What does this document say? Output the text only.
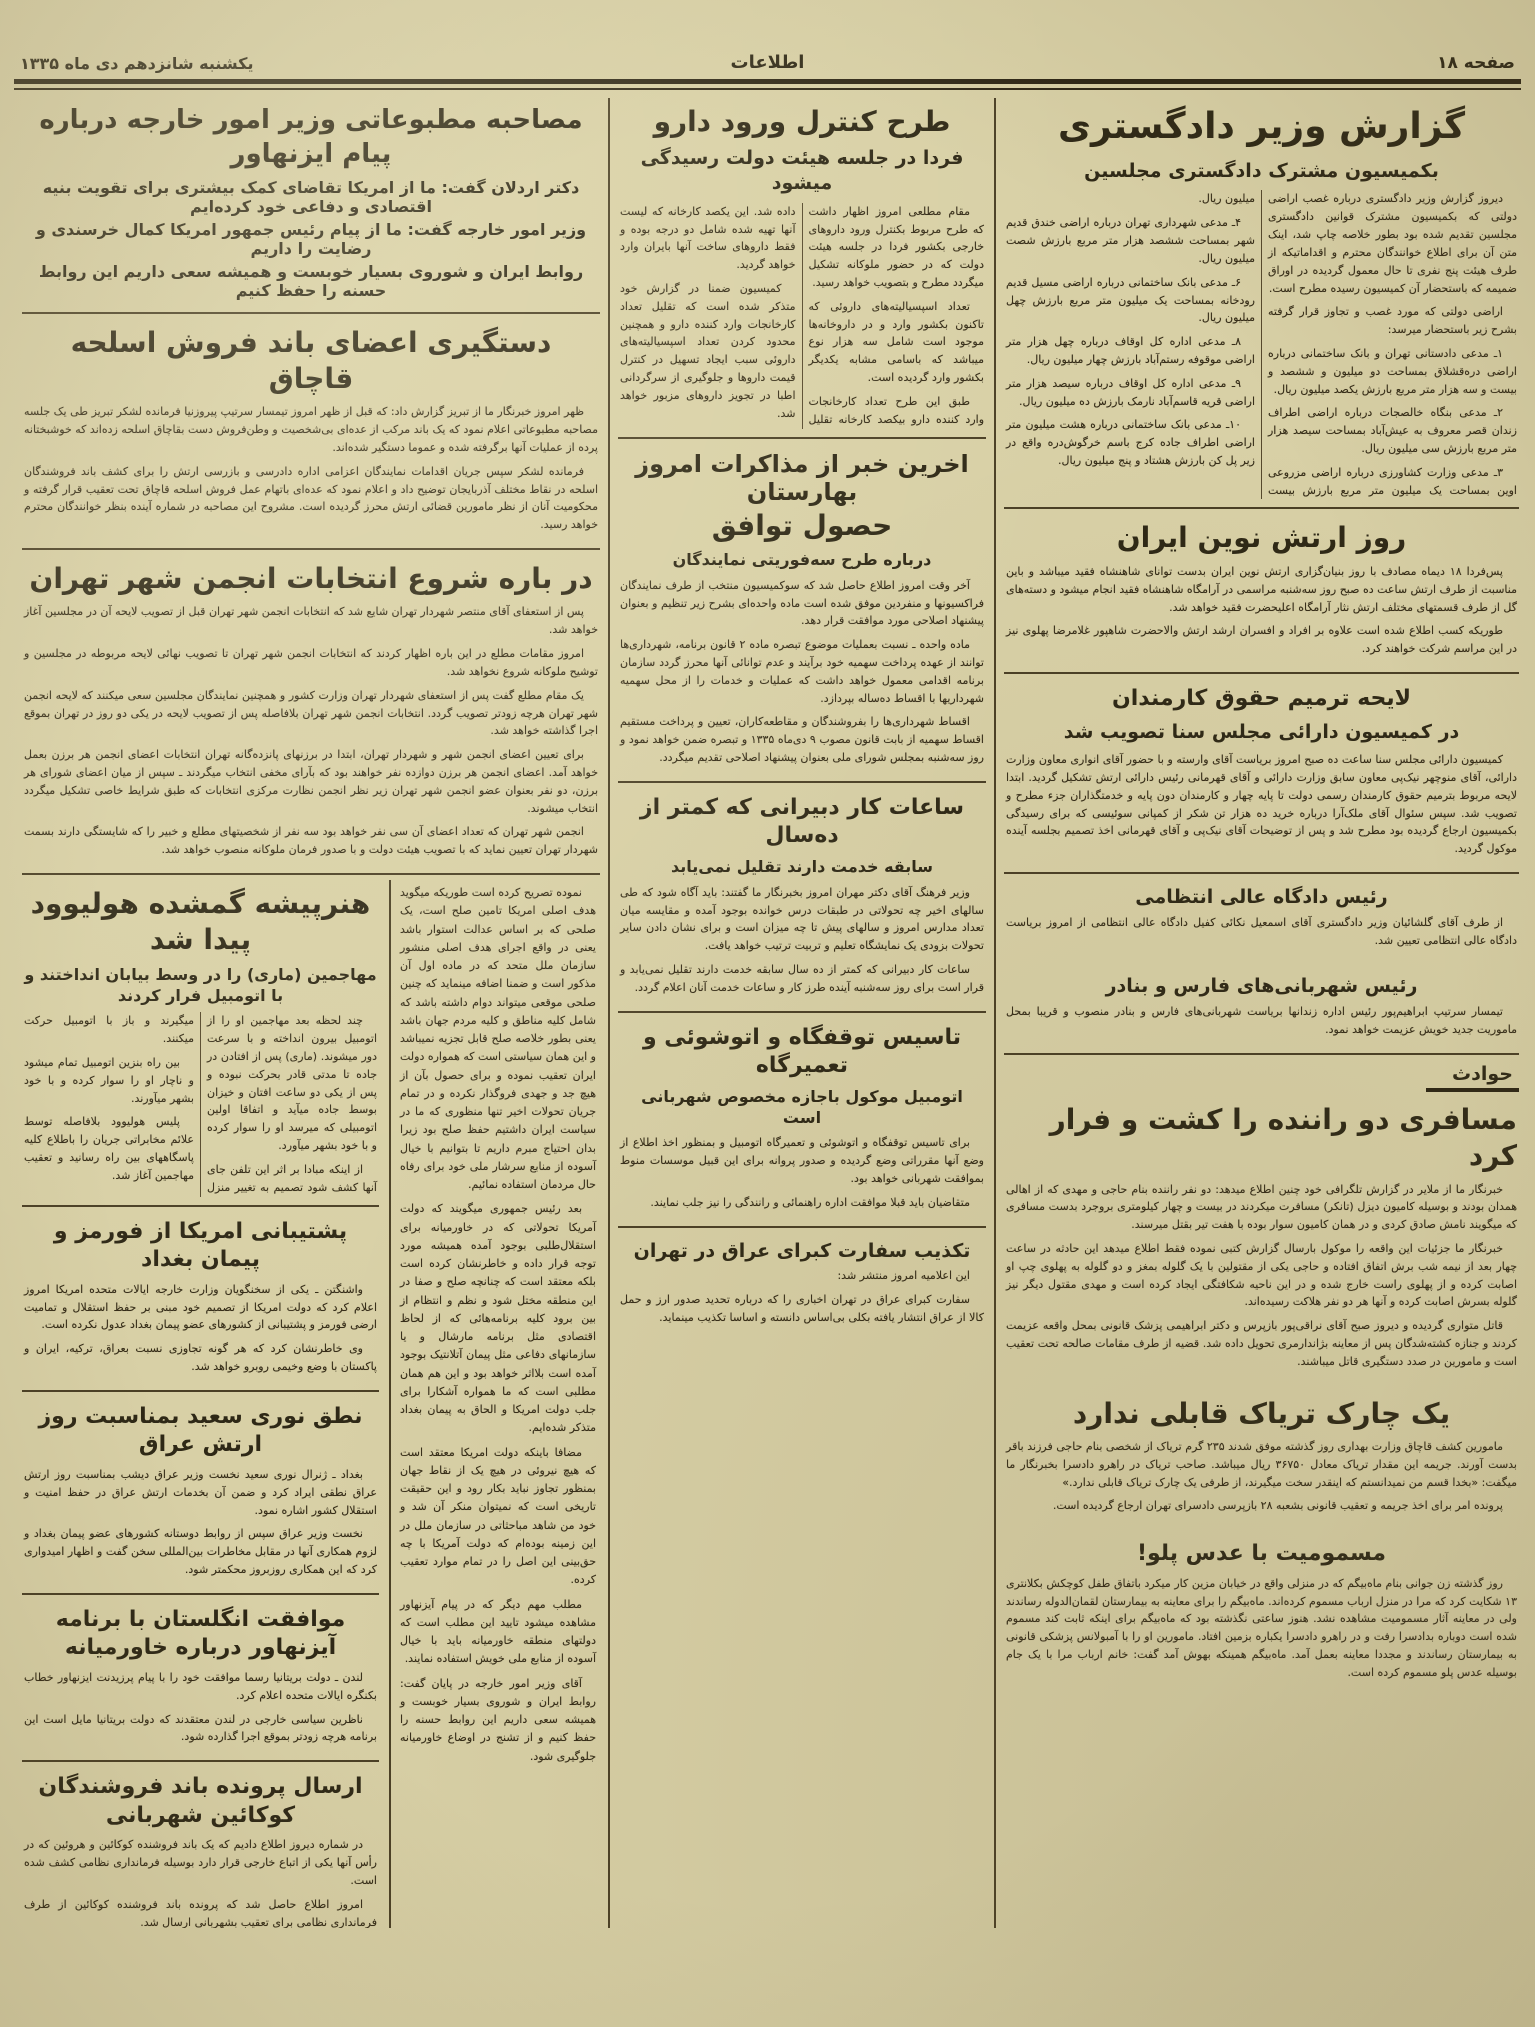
صفحه ۱۸
اطلاعات
یکشنبه شانزدهم دی ماه ۱۳۳۵
گزارش وزیر دادگستری
بکمیسیون مشترک دادگستری مجلسین

دیروز گزارش وزیر دادگستری درباره غصب اراضی دولتی که بکمیسیون مشترک قوانین دادگستری مجلسین تقدیم شده بود بطور خلاصه چاپ شد، اینک متن آن برای اطلاع خوانندگان محترم و اقداماتیکه از طرف هیئت پنج نفری تا حال معمول گردیده در اوراق ضمیمه که باستحضار آن کمیسیون رسیده مطرح است.

اراضی دولتی که مورد غصب و تجاوز قرار گرفته بشرح زیر باستحضار میرسد:

۱ـ مدعی دادستانی تهران و بانک ساختمانی درباره اراضی دره‌قشلاق بمساحت دو میلیون و ششصد و بیست و سه هزار متر مربع بارزش یکصد میلیون ریال.

۲ـ مدعی بنگاه خالصجات درباره اراضی اطراف زندان قصر معروف به عیش‌آباد بمساحت سیصد هزار متر مربع بارزش سی میلیون ریال.

۳ـ مدعی وزارت کشاورزی درباره اراضی مزروعی اوین بمساحت یک میلیون متر مربع بارزش بیست میلیون ریال.

۴ـ مدعی شهرداری تهران درباره اراضی خندق قدیم شهر بمساحت ششصد هزار متر مربع بارزش شصت میلیون ریال.

۶ـ مدعی بانک ساختمانی درباره اراضی مسیل قدیم رودخانه بمساحت یک میلیون متر مربع بارزش چهل میلیون ریال.

۸ـ مدعی اداره کل اوقاف درباره چهل هزار متر اراضی موقوفه رستم‌آباد بارزش چهار میلیون ریال.

۹ـ مدعی اداره کل اوقاف درباره سیصد هزار متر اراضی قریه قاسم‌آباد نارمک بارزش ده میلیون ریال.

۱۰ـ مدعی بانک ساختمانی درباره هشت میلیون متر اراضی اطراف جاده کرج باسم خرگوش‌دره واقع در زیر پل کن بارزش هشتاد و پنج میلیون ریال.

روز ارتش نوین ایران

پس‌فردا ۱۸ دیماه مصادف با روز بنیان‌گزاری ارتش نوین ایران بدست توانای شاهنشاه فقید میباشد و باین مناسبت از طرف ارتش ساعت ده صبح روز سه‌شنبه مراسمی در آرامگاه شاهنشاه فقید انجام میشود و دسته‌های گل از طرف قسمتهای مختلف ارتش نثار آرامگاه اعلیحضرت فقید خواهد شد.

طوریکه کسب اطلاع شده است علاوه بر افراد و افسران ارشد ارتش والاحضرت شاهپور غلامرضا پهلوی نیز در این مراسم شرکت خواهند کرد.

لایحه ترمیم حقوق کارمندان
در کمیسیون دارائی مجلس سنا تصویب شد

کمیسیون دارائی مجلس سنا ساعت ده صبح امروز بریاست آقای وارسته و با حضور آقای انواری معاون وزارت دارائی، آقای منوچهر نیک‌پی معاون سابق وزارت دارائی و آقای قهرمانی رئیس دارائی ارتش تشکیل گردید. ابتدا لایحه مربوط بترمیم حقوق کارمندان رسمی دولت تا پایه چهار و کارمندان دون پایه و خدمتگذاران جزء مطرح و تصویب شد. سپس سئوال آقای ملک‌آرا درباره خرید ده هزار تن شکر از کمپانی سوئیسی که برای رسیدگی بکمیسیون ارجاع گردیده بود مطرح شد و پس از توضیحات آقای نیک‌پی و آقای قهرمانی اخذ تصمیم بجلسه آینده موکول گردید.

رئیس دادگاه عالی انتظامی

از طرف آقای گلشائیان وزیر دادگستری آقای اسمعیل نکائی کفیل دادگاه عالی انتظامی از امروز بریاست دادگاه عالی انتظامی تعیین شد.

رئیس شهربانی‌های فارس و بنادر

تیمسار سرتیپ ابراهیم‌پور رئیس اداره زندانها بریاست شهربانی‌های فارس و بنادر منصوب و قریبا بمحل ماموریت جدید خویش عزیمت خواهد نمود.

حوادث
مسافری دو راننده را کشت و فرار کرد

خبرنگار ما از ملایر در گزارش تلگرافی خود چنین اطلاع میدهد: دو نفر راننده بنام حاجی و مهدی که از اهالی همدان بودند و بوسیله کامیون دیزل (تانکر) مسافرت میکردند در بیست و چهار کیلومتری بروجرد بدست مسافری که میگویند نامش صادق کردی و در همان کامیون سوار بوده با هفت تیر بقتل میرسند.

خبرنگار ما جزئیات این واقعه را موکول بارسال گزارش کتبی نموده فقط اطلاع میدهد این حادثه در ساعت چهار بعد از نیمه شب برش اتفاق افتاده و حاجی یکی از مقتولین با یک گلوله بمغز و دو گلوله به پهلوی چپ او اصابت کرده و از پهلوی راست خارج شده و در این ناحیه شکافتگی ایجاد کرده است و مهدی مقتول دیگر نیز گلوله بسرش اصابت کرده و آنها هر دو نفر هلاکت رسیده‌اند.

قاتل متواری گردیده و دیروز صبح آقای نراقی‌پور بازپرس و دکتر ابراهیمی پزشک قانونی بمحل واقعه عزیمت کردند و جنازه کشته‌شدگان پس از معاینه بژاندارمری تحویل داده شد. قضیه از طرف مقامات صالحه تحت تعقیب است و مامورین در صدد دستگیری قاتل میباشند.

یک چارک تریاک قابلی ندارد

مامورین کشف قاچاق وزارت بهداری روز گذشته موفق شدند ۲۳۵ گرم تریاک از شخصی بنام حاجی فرزند باقر بدست آورند. جریمه این مقدار تریاک معادل ۳۶۷۵۰ ریال میباشد. صاحب تریاک در راهرو دادسرا بخبرنگار ما میگفت: «بخدا قسم من نمیدانستم که اینقدر سخت میگیرند، از طرفی یک چارک تریاک قابلی ندارد.»

پرونده امر برای اخذ جریمه و تعقیب قانونی بشعبه ۲۸ بازپرسی دادسرای تهران ارجاع گردیده است.

مسمومیت با عدس پلو!

روز گذشته زن جوانی بنام ماه‌بیگم که در منزلی واقع در خیابان مزین کار میکرد باتفاق طفل کوچکش بکلانتری ۱۳ شکایت کرد که مرا در منزل ارباب مسموم کرده‌اند. ماه‌بیگم را برای معاینه به بیمارستان لقمان‌الدوله رساندند ولی در معاینه آثار مسمومیت مشاهده نشد. هنوز ساعتی نگذشته بود که ماه‌بیگم برای اینکه ثابت کند مسموم شده است دوباره بدادسرا رفت و در راهرو دادسرا یکباره بزمین افتاد. مامورین او را با آمبولانس پزشکی قانونی به بیمارستان رساندند و مجددا معاینه بعمل آمد. ماه‌بیگم همینکه بهوش آمد گفت: خانم ارباب مرا با یک جام بوسیله عدس پلو مسموم کرده است.

طرح کنترل ورود دارو
فردا در جلسه هیئت دولت رسیدگی میشود

مقام مطلعی امروز اظهار داشت که طرح مربوط بکنترل ورود داروهای خارجی بکشور فردا در جلسه هیئت دولت که در حضور ملوکانه تشکیل میگردد مطرح و بتصویب خواهد رسید.

تعداد اسپسیالیته‌های داروئی که تاکنون بکشور وارد و در داروخانه‌ها موجود است شامل سه هزار نوع میباشد که باسامی مشابه یکدیگر بکشور وارد گردیده است.

طبق این طرح تعداد کارخانجات وارد کننده دارو بیکصد کارخانه تقلیل داده شد. این یکصد کارخانه که لیست آنها تهیه شده شامل دو درجه بوده و فقط داروهای ساخت آنها بایران وارد خواهد گردید.

کمیسیون ضمنا در گزارش خود متذکر شده است که تقلیل تعداد کارخانجات وارد کننده دارو و همچنین محدود کردن تعداد اسپسیالیته‌های داروئی سبب ایجاد تسهیل در کنترل قیمت داروها و جلوگیری از سرگردانی اطبا در تجویز داروهای مزبور خواهد شد.

اخرین خبر از مذاکرات امروز بهارستان
حصول توافق
درباره طرح سه‌فوریتی نمایندگان

آخر وقت امروز اطلاع حاصل شد که سوکمیسیون منتخب از طرف نمایندگان فراکسیونها و منفردین موفق شده است ماده واحده‌ای بشرح زیر تنظیم و بعنوان پیشنهاد اصلاحی مورد موافقت قرار دهد.

ماده واحده ـ نسبت بعملیات موضوع تبصره ماده ۲ قانون برنامه، شهرداری‌ها توانند از عهده پرداخت سهمیه خود برآیند و عدم توانائی آنها محرز گردد سازمان برنامه اقدامی معمول خواهد داشت که عملیات و خدمات را از محل سهمیه شهرداریها با اقساط ده‌ساله بپردازد.

اقساط شهرداری‌ها را بفروشندگان و مقاطعه‌کاران، تعیین و پرداخت مستقیم اقساط سهمیه از بابت قانون مصوب ۹ دی‌ماه ۱۳۳۵ و تبصره ضمن خواهد نمود و روز سه‌شنبه بمجلس شورای ملی بعنوان پیشنهاد اصلاحی تقدیم میگردد.

ساعات کار دبیرانی که کمتر از ده‌سال
سابقه خدمت دارند تقلیل نمی‌یابد

وزیر فرهنگ آقای دکتر مهران امروز بخبرنگار ما گفتند: باید آگاه شود که طی سالهای اخیر چه تحولاتی در طبقات درس خوانده بوجود آمده و مقایسه میان تعداد مدارس امروز و سالهای پیش تا چه میزان است و برای نشان دادن سایر تحولات بزودی یک نمایشگاه تعلیم و تربیت ترتیب خواهد یافت.

ساعات کار دبیرانی که کمتر از ده سال سابقه خدمت دارند تقلیل نمی‌یابد و قرار است برای روز سه‌شنبه آینده طرز کار و ساعات خدمت آنان اعلام گردد.

تاسیس توقفگاه و اتوشوئی و تعمیرگاه
اتومبیل موکول باجازه مخصوص شهربانی است

برای تاسیس توقفگاه و اتوشوئی و تعمیرگاه اتومبیل و بمنظور اخذ اطلاع از وضع آنها مقرراتی وضع گردیده و صدور پروانه برای این قبیل موسسات منوط بموافقت شهربانی خواهد بود.

متقاضیان باید قبلا موافقت اداره راهنمائی و رانندگی را نیز جلب نمایند.

تکذیب سفارت کبرای عراق در تهران

این اعلامیه امروز منتشر شد:

سفارت کبرای عراق در تهران اخباری را که درباره تحدید صدور ارز و حمل کالا از عراق انتشار یافته بکلی بی‌اساس دانسته و اساسا تکذیب مینماید.

مصاحبه مطبوعاتی وزیر امور خارجه درباره پیام ایزنهاور

دکتر اردلان گفت: ما از امریکا تقاضای کمک بیشتری برای تقویت بنیه اقتصادی و دفاعی خود کرده‌ایم

وزیر امور خارجه گفت: ما از پیام رئیس جمهور امریکا کمال خرسندی و رضایت را داریم

روابط ایران و شوروی بسیار خوبست و همیشه سعی داریم این روابط حسنه را حفظ کنیم

دستگیری اعضای باند فروش اسلحه قاچاق

ظهر امروز خبرنگار ما از تبریز گزارش داد: که قبل از ظهر امروز تیمسار سرتیپ پیروزنیا فرمانده لشکر تبریز طی یک جلسه مصاحبه مطبوعاتی اعلام نمود که یک باند مرکب از عده‌ای بی‌شخصیت و وطن‌فروش دست بقاچاق اسلحه زده‌اند که خوشبختانه پرده از عملیات آنها برگرفته شده و عموما دستگیر شده‌اند.

فرمانده لشکر سپس جریان اقدامات نمایندگان اعزامی اداره دادرسی و بازرسی ارتش را برای کشف باند فروشندگان اسلحه در نقاط مختلف آذربایجان توضیح داد و اعلام نمود که عده‌ای باتهام عمل فروش اسلحه قاچاق تحت تعقیب قرار گرفته و محکومیت آنان از نظر مامورین قضائی ارتش محرز گردیده است. مشروح این مصاحبه در شماره آینده بنظر خوانندگان محترم خواهد رسید.

در باره شروع انتخابات انجمن شهر تهران

پس از استعفای آقای منتصر شهردار تهران شایع شد که انتخابات انجمن شهر تهران قبل از تصویب لایحه آن در مجلسین آغاز خواهد شد.

امروز مقامات مطلع در این باره اظهار کردند که انتخابات انجمن شهر تهران تا تصویب نهائی لایحه مربوطه در مجلسین و توشیح ملوکانه شروع نخواهد شد.

یک مقام مطلع گفت پس از استعفای شهردار تهران وزارت کشور و همچنین نمایندگان مجلسین سعی میکنند که لایحه انجمن شهر تهران هرچه زودتر تصویب گردد. انتخابات انجمن شهر تهران بلافاصله پس از تصویب لایحه در یکی دو روز در تهران بموقع اجرا گذاشته خواهد شد.

برای تعیین اعضای انجمن شهر و شهردار تهران، ابتدا در برزنهای پانزده‌گانه تهران انتخابات اعضای انجمن هر برزن بعمل خواهد آمد. اعضای انجمن هر برزن دوازده نفر خواهند بود که بآرای مخفی انتخاب میگردند ـ سپس از میان اعضای شورای هر برزن، دو نفر بعنوان عضو انجمن شهر تهران زیر نظر انجمن نظارت مرکزی انتخابات که طبق شرایط خاصی تشکیل میگردد انتخاب میشوند.

انجمن شهر تهران که تعداد اعضای آن سی نفر خواهد بود سه نفر از شخصیتهای مطلع و خبیر را که شایستگی دارند بسمت شهردار تهران تعیین نماید که با تصویب هیئت دولت و با صدور فرمان ملوکانه منصوب خواهد شد.

نموده تصریح کرده است طوریکه میگوید هدف اصلی امریکا تامین صلح است، یک صلحی که بر اساس عدالت استوار باشد یعنی در واقع اجرای هدف اصلی منشور سازمان ملل متحد که در ماده اول آن مذکور است و ضمنا اضافه مینماید که چنین صلحی موقعی میتواند دوام داشته باشد که شامل کلیه مناطق و کلیه مردم جهان باشد یعنی بطور خلاصه صلح قابل تجزیه نمیباشد و این همان سیاستی است که همواره دولت ایران تعقیب نموده و برای حصول بآن از هیچ جد و جهدی فروگذار نکرده و در تمام جریان تحولات اخیر تنها منظوری که ما در سیاست ایران داشتیم حفظ صلح بود زیرا بدان احتیاج مبرم داریم تا بتوانیم با خیال آسوده از منابع سرشار ملی خود برای رفاه حال مردمان استفاده نمائیم.

بعد رئیس جمهوری میگویند که دولت آمریکا تحولاتی که در خاورمیانه برای استقلال‌طلبی بوجود آمده همیشه مورد توجه قرار داده و خاطرنشان کرده است بلکه معتقد است که چنانچه صلح و صفا در این منطقه مختل شود و نظم و انتظام از بین برود کلیه برنامه‌هائی که از لحاظ اقتصادی مثل برنامه مارشال و یا سازمانهای دفاعی مثل پیمان آتلانتیک بوجود آمده است بلااثر خواهد بود و این هم همان مطلبی است که ما همواره آشکارا برای جلب دولت امریکا و الحاق به پیمان بغداد متذکر شده‌ایم.

مضافا باینکه دولت امریکا معتقد است که هیچ نیروئی در هیچ یک از نقاط جهان بمنظور تجاوز نباید بکار رود و این حقیقت تاریخی است که نمیتوان منکر آن شد و خود من شاهد مباحثاتی در سازمان ملل در این زمینه بوده‌ام که دولت آمریکا با چه حق‌بینی این اصل را در تمام موارد تعقیب کرده.

مطلب مهم دیگر که در پیام آیزنهاور مشاهده میشود تایید این مطلب است که دولتهای منطقه خاورمیانه باید با خیال آسوده از منابع ملی خویش استفاده نمایند.

آقای وزیر امور خارجه در پایان گفت: روابط ایران و شوروی بسیار خوبست و همیشه سعی داریم این روابط حسنه را حفظ کنیم و از تشنج در اوضاع خاورمیانه جلوگیری شود.

هنرپیشه گمشده هولیوود پیدا شد
مهاجمین (ماری) را در وسط بیابان انداختند و با اتومبیل فرار کردند

چند لحظه بعد مهاجمین او را از اتومبیل بیرون انداخته و با سرعت دور میشوند. (ماری) پس از افتادن در جاده تا مدتی قادر بحرکت نبوده و پس از یکی دو ساعت افتان و خیزان بوسط جاده میآید و اتفاقا اولین اتومبیلی که میرسد او را سوار کرده و با خود بشهر میآورد.

از اینکه مبادا بر اثر این تلفن جای آنها کشف شود تصمیم به تغییر منزل میگیرند و باز با اتومبیل حرکت میکنند.

بین راه بنزین اتومبیل تمام میشود و ناچار او را سوار کرده و با خود بشهر میآورند.

پلیس هولیوود بلافاصله توسط علائم مخابراتی جریان را باطلاع کلیه پاسگاههای بین راه رسانید و تعقیب مهاجمین آغاز شد.

پشتیبانی امریکا از فورمز و پیمان بغداد

واشنگتن ـ یکی از سخنگویان وزارت خارجه ایالات متحده امریکا امروز اعلام کرد که دولت امریکا از تصمیم خود مبنی بر حفظ استقلال و تمامیت ارضی فورمز و پشتیبانی از کشورهای عضو پیمان بغداد عدول نکرده است.

وی خاطرنشان کرد که هر گونه تجاوزی نسبت بعراق، ترکیه، ایران و پاکستان با وضع وخیمی روبرو خواهد شد.

نطق نوری سعید بمناسبت روز ارتش عراق

بغداد ـ ژنرال نوری سعید نخست وزیر عراق دیشب بمناسبت روز ارتش عراق نطقی ایراد کرد و ضمن آن بخدمات ارتش عراق در حفظ امنیت و استقلال کشور اشاره نمود.

نخست وزیر عراق سپس از روابط دوستانه کشورهای عضو پیمان بغداد و لزوم همکاری آنها در مقابل مخاطرات بین‌المللی سخن گفت و اظهار امیدواری کرد که این همکاری روزبروز محکمتر شود.

موافقت انگلستان با برنامه آیزنهاور درباره خاورمیانه

لندن ـ دولت بریتانیا رسما موافقت خود را با پیام پرزیدنت ایزنهاور خطاب بکنگره ایالات متحده اعلام کرد.

ناظرین سیاسی خارجی در لندن معتقدند که دولت بریتانیا مایل است این برنامه هرچه زودتر بموقع اجرا گذارده شود.

ارسال پرونده باند فروشندگان کوکائین شهربانی

در شماره دیروز اطلاع دادیم که یک باند فروشنده کوکائین و هروئین که در رأس آنها یکی از اتباع خارجی قرار دارد بوسیله فرمانداری نظامی کشف شده است.

امروز اطلاع حاصل شد که پرونده باند فروشنده کوکائین از طرف فرمانداری نظامی برای تعقیب بشهربانی ارسال شد.
